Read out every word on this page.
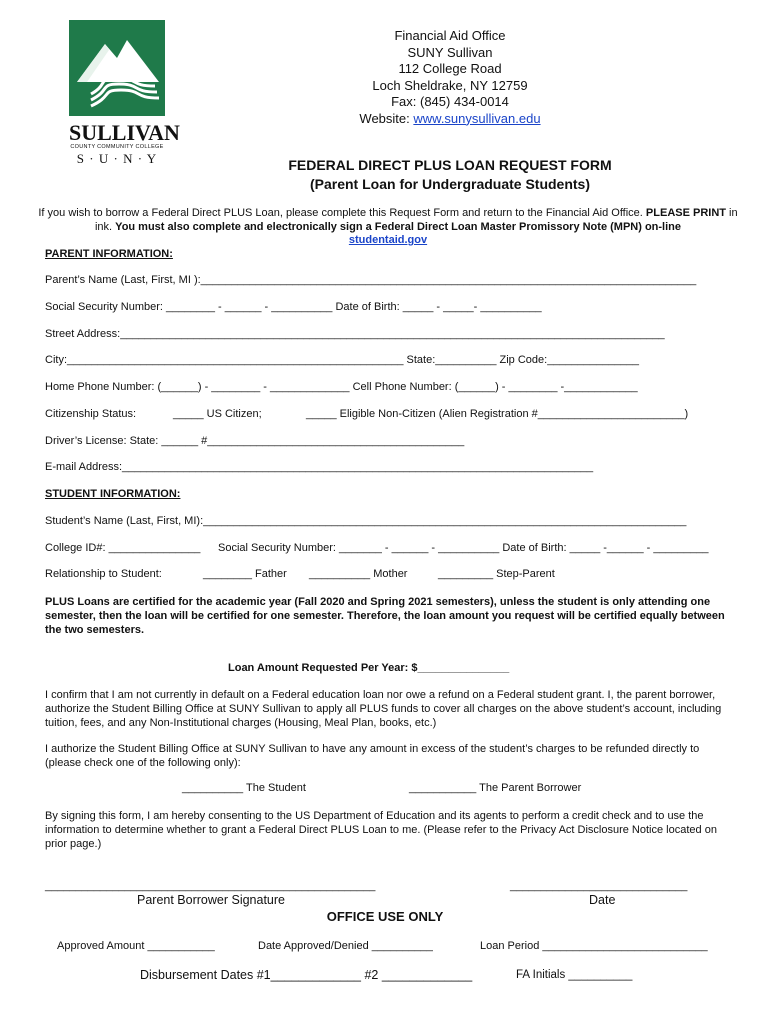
SULLIVAN
COUNTY COMMUNITY COLLEGE
S · U · N · Y
Financial Aid Office
SUNY Sullivan
112 College Road
Loch Sheldrake, NY 12759
Fax: (845) 434-0014
Website: www.sunysullivan.edu
FEDERAL DIRECT PLUS LOAN REQUEST FORM
(Parent Loan for Undergraduate Students)
If you wish to borrow a Federal Direct PLUS Loan, please complete this Request Form and return to the Financial Aid Office. PLEASE PRINT in ink. You must also complete and electronically sign a Federal Direct Loan Master Promissory Note (MPN) on-line
studentaid.gov
PARENT INFORMATION:
Parent’s Name (Last, First, MI ):_________________________________________________________________________________
Social Security Number: ________ - ______ - __________ Date of Birth: _____ - _____- __________
Street Address:_________________________________________________________________________________________
City:_______________________________________________________ State:__________ Zip Code:_______________
Home Phone Number: (______) - ________ - _____________ Cell Phone Number: (______) - ________ -____________
Citizenship Status:	_____ US Citizen;	_____ Eligible Non-Citizen (Alien Registration #________________________)
Driver’s License: State: ______ #__________________________________________
E-mail Address:_____________________________________________________________________________
STUDENT INFORMATION:
Student’s Name (Last, First, MI):_______________________________________________________________________________
College ID#: _______________ Social Security Number: _______ - ______ - __________ Date of Birth: _____ -______ - _________
Relationship to Student:	________ Father __________ Mother	_________ Step-Parent
PLUS Loans are certified for the academic year (Fall 2020 and Spring 2021 semesters), unless the student is only attending one semester, then the loan will be certified for one semester. Therefore, the loan amount you request will be certified equally between the two semesters.
Loan Amount Requested Per Year: $_______________
I confirm that I am not currently in default on a Federal education loan nor owe a refund on a Federal student grant. I, the parent borrower, authorize the Student Billing Office at SUNY Sullivan to apply all PLUS funds to cover all charges on the above student’s account, including tuition, fees, and any Non-Institutional charges (Housing, Meal Plan, books, etc.)
I authorize the Student Billing Office at SUNY Sullivan to have any amount in excess of the student’s charges to be refunded directly to (please check one of the following only):
__________ The Student	___________ The Parent Borrower
By signing this form, I am hereby consenting to the US Department of Education and its agents to perform a credit check and to use the information to determine whether to grant a Federal Direct PLUS Loan to me. (Please refer to the Privacy Act Disclosure Notice located on prior page.)
______________________________________________________
Parent Borrower Signature
_____________________________
Date
OFFICE USE ONLY
Approved Amount ___________	Date Approved/Denied __________	Loan Period ___________________________
Disbursement Dates #1_____________ #2 _____________	FA Initials __________
